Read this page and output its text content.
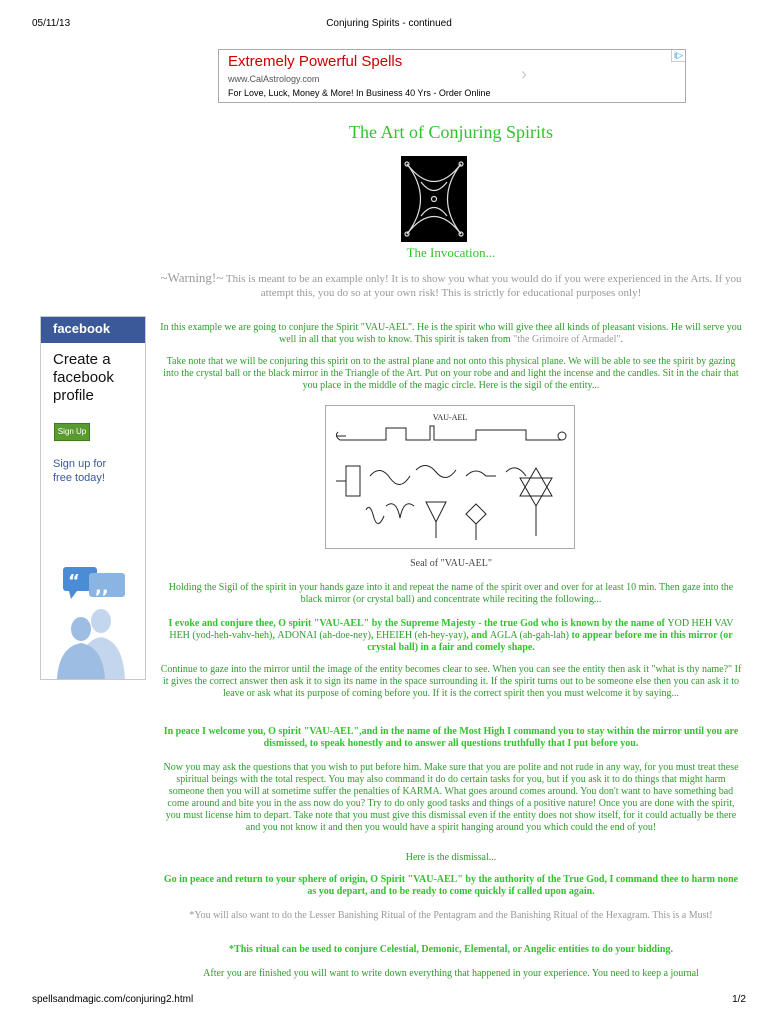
05/11/13	Conjuring Spirits - continued
Extremely Powerful Spells
www.CalAstrology.com
For Love, Luck, Money & More! In Business 40 Yrs - Order Online
›
i▷
The Art of Conjuring Spirits
The Invocation...
~Warning!~ This is meant to be an example only! It is to show you what you would do if you were experienced in the Arts. If you attempt this, you do so at your own risk! This is strictly for educational purposes only!
facebook
Create a
facebook
profile
Sign Up
Sign up for
free today!
“ ,,
In this example we are going to conjure the Spirit "VAU-AEL". He is the spirit who will give thee all kinds of pleasant visions. He will serve you well in all that you wish to know. This spirit is taken from "the Grimoire of Armadel".
Take note that we will be conjuring this spirit on to the astral plane and not onto this physical plane. We will be able to see the spirit by gazing into the crystal ball or the black mirror in the Triangle of the Art. Put on your robe and and light the incense and the candles. Sit in the chair that you place in the middle of the magic circle. Here is the sigil of the entity...
VAU-AEL
Seal of "VAU-AEL"
Holding the Sigil of the spirit in your hands gaze into it and repeat the name of the spirit over and over for at least 10 min. Then gaze into the black mirror (or crystal ball) and concentrate while reciting the following...
I evoke and conjure thee, O spirit "VAU-AEL" by the Supreme Majesty - the true God who is known by the name of YOD HEH VAV HEH (yod-heh-vahv-heh), ADONAI (ah-doe-ney), EHEIEH (eh-hey-yay), and AGLA (ah-gah-lah) to appear before me in this mirror (or crystal ball) in a fair and comely shape.
Continue to gaze into the mirror until the image of the entity becomes clear to see. When you can see the entity then ask it "what is thy name?" If it gives the correct answer then ask it to sign its name in the space surrounding it. If the spirit turns out to be someone else then you can ask it to leave or ask what its purpose of coming before you. If it is the correct spirit then you must welcome it by saying...
In peace I welcome you, O spirit "VAU-AEL",and in the name of the Most High I command you to stay within the mirror until you are dismissed, to speak honestly and to answer all questions truthfully that I put before you.
Now you may ask the questions that you wish to put before him. Make sure that you are polite and not rude in any way, for you must treat these spiritual beings with the total respect. You may also command it do do certain tasks for you, but if you ask it to do things that might harm someone then you will at sometime suffer the penalties of KARMA. What goes around comes around. You don't want to have something bad come around and bite you in the ass now do you? Try to do only good tasks and things of a positive nature! Once you are done with the spirit, you must license him to depart. Take note that you must give this dismissal even if the entity does not show itself, for it could actually be there and you not know it and then you would have a spirit hanging around you which could the end of you!
Here is the dismissal...
Go in peace and return to your sphere of origin, O Spirit "VAU-AEL" by the authority of the True God, I command thee to harm none as you depart, and to be ready to come quickly if called upon again.
*You will also want to do the Lesser Banishing Ritual of the Pentagram and the Banishing Ritual of the Hexagram. This is a Must!
*This ritual can be used to conjure Celestial, Demonic, Elemental, or Angelic entities to do your bidding.
After you are finished you will want to write down everything that happened in your experience. You need to keep a journal
spellsandmagic.com/conjuring2.html	1/2
